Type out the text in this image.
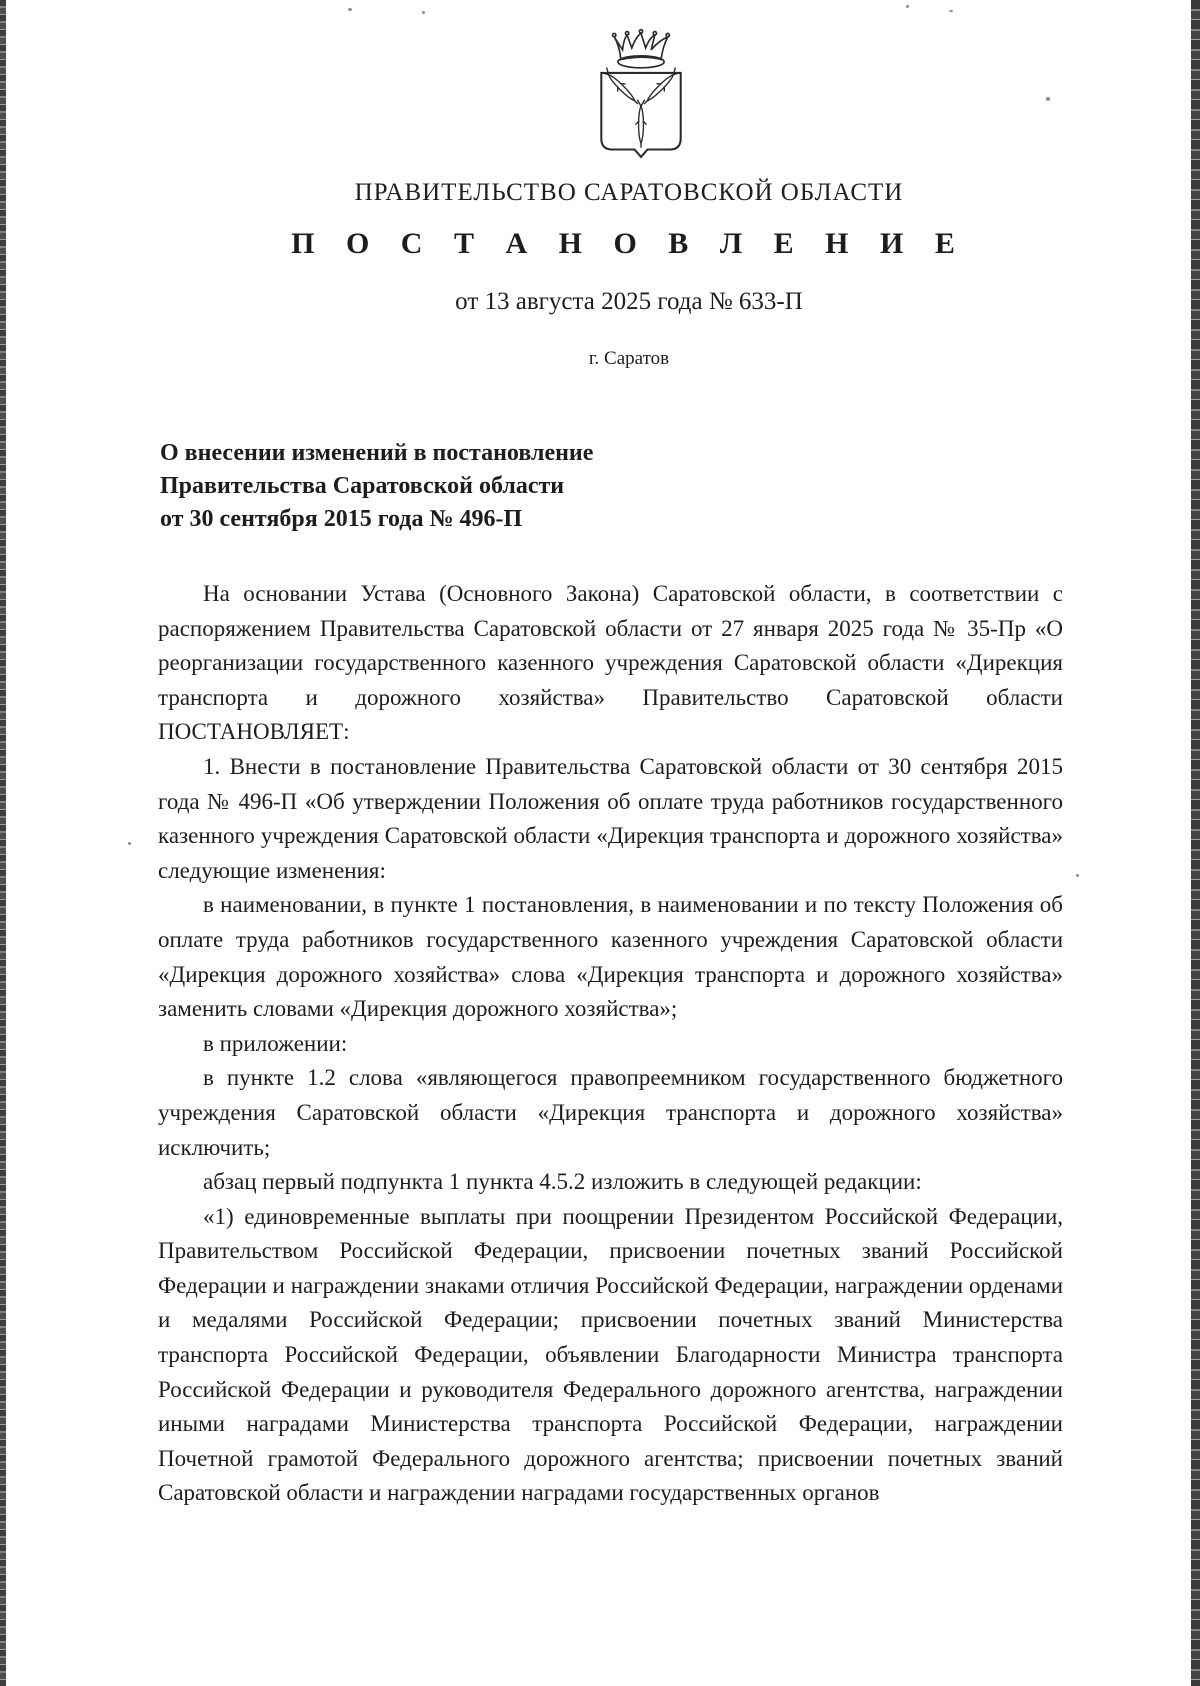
ПРАВИТЕЛЬСТВО САРАТОВСКОЙ ОБЛАСТИ
П О С Т А Н О В Л Е Н И Е
от 13 августа 2025 года № 633-П
г. Саратов
О внесении изменений в постановление
Правительства Саратовской области
от 30 сентября 2015 года № 496-П

На основании Устава (Основного Закона) Саратовской области, в соответствии с распоряжением Правительства Саратовской области от 27 января 2025 года № 35-Пр «О реорганизации государственного казенного учреждения Саратовской области «Дирекция транспорта и дорожного хозяйства» Правительство Саратовской области ПОСТАНОВЛЯЕТ:

1. Внести в постановление Правительства Саратовской области от 30 сентября 2015 года № 496-П «Об утверждении Положения об оплате труда работников государственного казенного учреждения Саратовской области «Дирекция транспорта и дорожного хозяйства» следующие изменения:

в наименовании, в пункте 1 постановления, в наименовании и по тексту Положения об оплате труда работников государственного казенного учреждения Саратовской области «Дирекция дорожного хозяйства» слова «Дирекция транспорта и дорожного хозяйства» заменить словами «Дирекция дорожного хозяйства»;

в приложении:

в пункте 1.2 слова «являющегося правопреемником государственного бюджетного учреждения Саратовской области «Дирекция транспорта и дорожного хозяйства» исключить;

абзац первый подпункта 1 пункта 4.5.2 изложить в следующей редакции:

«1) единовременные выплаты при поощрении Президентом Российской Федерации, Правительством Российской Федерации, присвоении почетных званий Российской Федерации и награждении знаками отличия Российской Федерации, награждении орденами и медалями Российской Федерации; присвоении почетных званий Министерства транспорта Российской Федерации, объявлении Благодарности Министра транспорта Российской Федерации и руководителя Федерального дорожного агентства, награждении иными наградами Министерства транспорта Российской Федерации, награждении Почетной грамотой Федерального дорожного агентства; присвоении почетных званий Саратовской области и награждении наградами государственных органов
